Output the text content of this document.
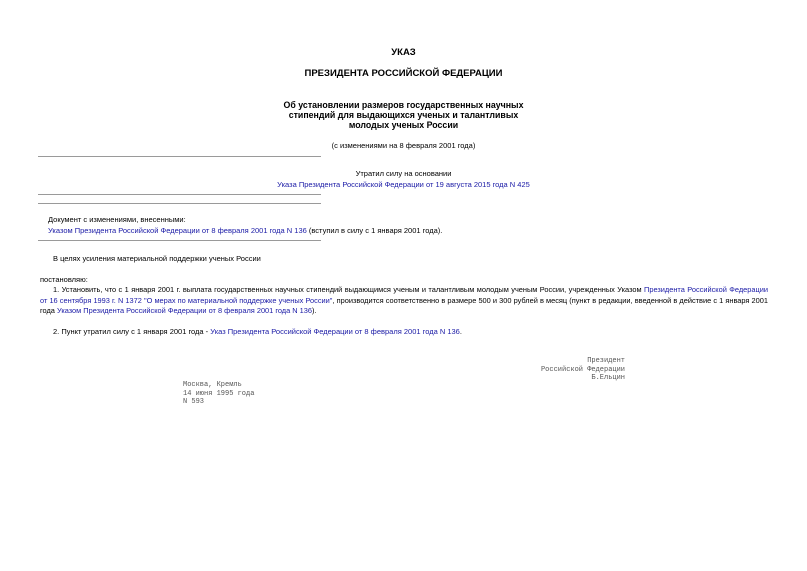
УКАЗ
ПРЕЗИДЕНТА РОССИЙСКОЙ ФЕДЕРАЦИИ
Об установлении размеров государственных научных
стипендий для выдающихся ученых и талантливых
молодых ученых России
(с изменениями на 8 февраля 2001 года)
Утратил силу на основании
Указа Президента Российской Федерации от 19 августа 2015 года N 425
Документ с изменениями, внесенными:
Указом Президента Российской Федерации от 8 февраля 2001 года N 136 (вступил в силу с 1 января 2001 года).
В целях усиления материальной поддержки ученых России
постановляю:
1. Установить, что с 1 января 2001 г. выплата государственных научных стипендий выдающимся ученым и талантливым молодым ученым России, учрежденных Указом Президента Российской Федерации от 16 сентября 1993 г. N 1372 "О мерах по материальной поддержке ученых России", производится соответственно в размере 500 и 300 рублей в месяц (пункт в редакции, введенной в действие с 1 января 2001 года Указом Президента Российской Федерации от 8 февраля 2001 года N 136).
2. Пункт утратил силу с 1 января 2001 года - Указ Президента Российской Федерации от 8 февраля 2001 года N 136.
Президент
Российской Федерации
Б.Ельцин
Москва, Кремль
14 июня 1995 года
N 593
